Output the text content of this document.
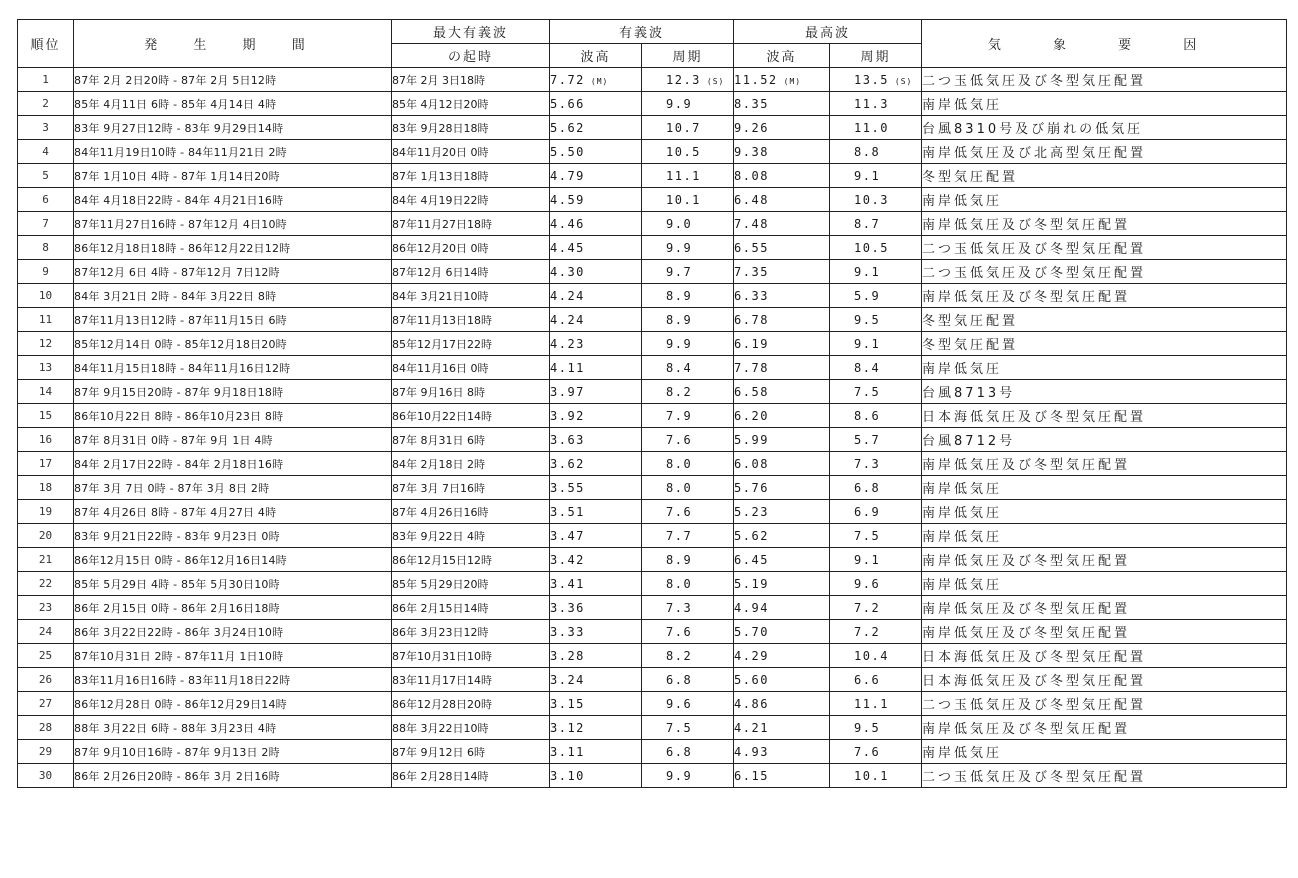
順位	発 生 期 間	最大有義波	有義波		最高波		気 象 要 因
		の起時	波高	周期	波高	周期	
1	87年 2月 2日20時 - 87年 2月 5日12時	87年 2月 3日18時	7.72 (M)	12.3 (S)	11.52 (M)	13.5 (S)	二つ玉低気圧及び冬型気圧配置
2	85年 4月11日 6時 - 85年 4月14日 4時	85年 4月12日20時	5.66	9.9	8.35	11.3	南岸低気圧
3	83年 9月27日12時 - 83年 9月29日14時	83年 9月28日18時	5.62	10.7	9.26	11.0	台風8310号及び崩れの低気圧
4	84年11月19日10時 - 84年11月21日 2時	84年11月20日 0時	5.50	10.5	9.38	8.8	南岸低気圧及び北高型気圧配置
5	87年 1月10日 4時 - 87年 1月14日20時	87年 1月13日18時	4.79	11.1	8.08	9.1	冬型気圧配置
6	84年 4月18日22時 - 84年 4月21日16時	84年 4月19日22時	4.59	10.1	6.48	10.3	南岸低気圧
7	87年11月27日16時 - 87年12月 4日10時	87年11月27日18時	4.46	9.0	7.48	8.7	南岸低気圧及び冬型気圧配置
8	86年12月18日18時 - 86年12月22日12時	86年12月20日 0時	4.45	9.9	6.55	10.5	二つ玉低気圧及び冬型気圧配置
9	87年12月 6日 4時 - 87年12月 7日12時	87年12月 6日14時	4.30	9.7	7.35	9.1	二つ玉低気圧及び冬型気圧配置
10	84年 3月21日 2時 - 84年 3月22日 8時	84年 3月21日10時	4.24	8.9	6.33	5.9	南岸低気圧及び冬型気圧配置
11	87年11月13日12時 - 87年11月15日 6時	87年11月13日18時	4.24	8.9	6.78	9.5	冬型気圧配置
12	85年12月14日 0時 - 85年12月18日20時	85年12月17日22時	4.23	9.9	6.19	9.1	冬型気圧配置
13	84年11月15日18時 - 84年11月16日12時	84年11月16日 0時	4.11	8.4	7.78	8.4	南岸低気圧
14	87年 9月15日20時 - 87年 9月18日18時	87年 9月16日 8時	3.97	8.2	6.58	7.5	台風8713号
15	86年10月22日 8時 - 86年10月23日 8時	86年10月22日14時	3.92	7.9	6.20	8.6	日本海低気圧及び冬型気圧配置
16	87年 8月31日 0時 - 87年 9月 1日 4時	87年 8月31日 6時	3.63	7.6	5.99	5.7	台風8712号
17	84年 2月17日22時 - 84年 2月18日16時	84年 2月18日 2時	3.62	8.0	6.08	7.3	南岸低気圧及び冬型気圧配置
18	87年 3月 7日 0時 - 87年 3月 8日 2時	87年 3月 7日16時	3.55	8.0	5.76	6.8	南岸低気圧
19	87年 4月26日 8時 - 87年 4月27日 4時	87年 4月26日16時	3.51	7.6	5.23	6.9	南岸低気圧
20	83年 9月21日22時 - 83年 9月23日 0時	83年 9月22日 4時	3.47	7.7	5.62	7.5	南岸低気圧
21	86年12月15日 0時 - 86年12月16日14時	86年12月15日12時	3.42	8.9	6.45	9.1	南岸低気圧及び冬型気圧配置
22	85年 5月29日 4時 - 85年 5月30日10時	85年 5月29日20時	3.41	8.0	5.19	9.6	南岸低気圧
23	86年 2月15日 0時 - 86年 2月16日18時	86年 2月15日14時	3.36	7.3	4.94	7.2	南岸低気圧及び冬型気圧配置
24	86年 3月22日22時 - 86年 3月24日10時	86年 3月23日12時	3.33	7.6	5.70	7.2	南岸低気圧及び冬型気圧配置
25	87年10月31日 2時 - 87年11月 1日10時	87年10月31日10時	3.28	8.2	4.29	10.4	日本海低気圧及び冬型気圧配置
26	83年11月16日16時 - 83年11月18日22時	83年11月17日14時	3.24	6.8	5.60	6.6	日本海低気圧及び冬型気圧配置
27	86年12月28日 0時 - 86年12月29日14時	86年12月28日20時	3.15	9.6	4.86	11.1	二つ玉低気圧及び冬型気圧配置
28	88年 3月22日 6時 - 88年 3月23日 4時	88年 3月22日10時	3.12	7.5	4.21	9.5	南岸低気圧及び冬型気圧配置
29	87年 9月10日16時 - 87年 9月13日 2時	87年 9月12日 6時	3.11	6.8	4.93	7.6	南岸低気圧
30	86年 2月26日20時 - 86年 3月 2日16時	86年 2月28日14時	3.10	9.9	6.15	10.1	二つ玉低気圧及び冬型気圧配置
